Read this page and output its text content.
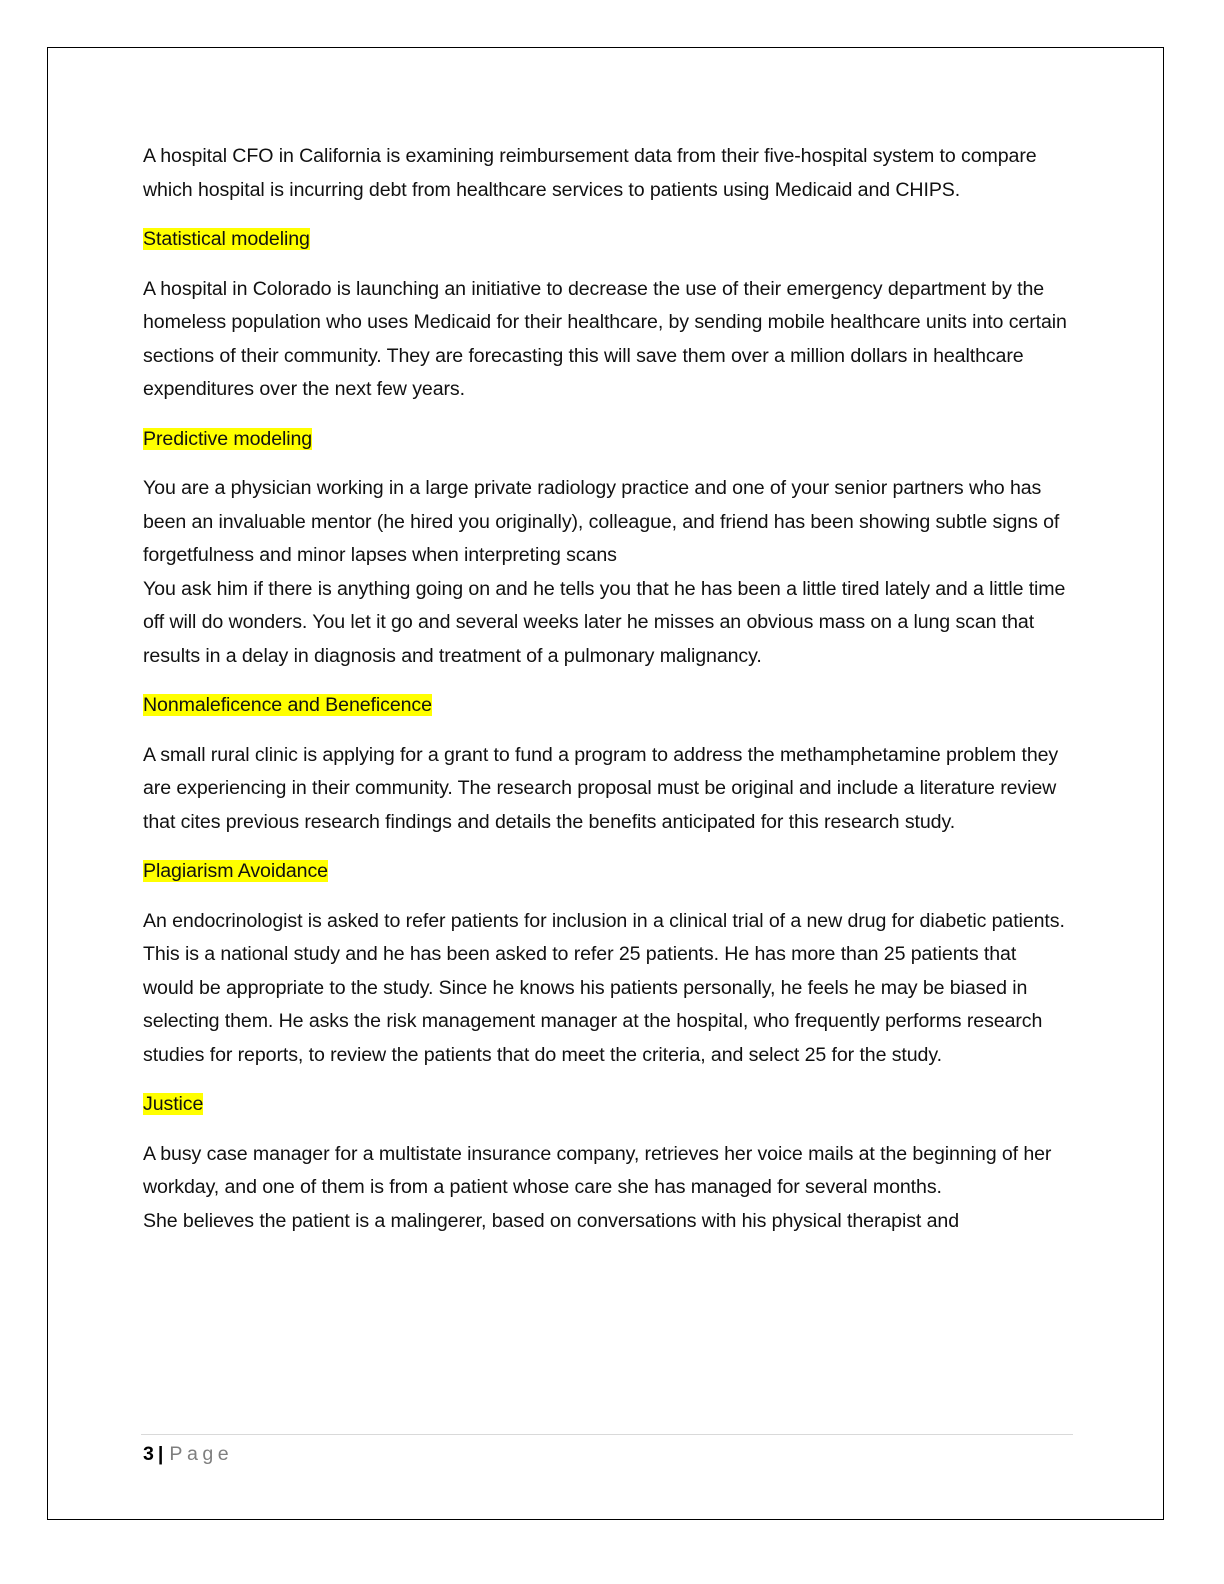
A hospital CFO in California is examining reimbursement data from their five-hospital system to compare which hospital is incurring debt from healthcare services to patients using Medicaid and CHIPS.

Statistical modeling

A hospital in Colorado is launching an initiative to decrease the use of their emergency department by the homeless population who uses Medicaid for their healthcare, by sending mobile healthcare units into certain sections of their community. They are forecasting this will save them over a million dollars in healthcare expenditures over the next few years.

Predictive modeling

You are a physician working in a large private radiology practice and one of your senior partners who has been an invaluable mentor (he hired you originally), colleague, and friend has been showing subtle signs of forgetfulness and minor lapses when interpreting scans

You ask him if there is anything going on and he tells you that he has been a little tired lately and a little time off will do wonders. You let it go and several weeks later he misses an obvious mass on a lung scan that results in a delay in diagnosis and treatment of a pulmonary malignancy.

Nonmaleficence and Beneficence

A small rural clinic is applying for a grant to fund a program to address the methamphetamine problem they are experiencing in their community. The research proposal must be original and include a literature review that cites previous research findings and details the benefits anticipated for this research study.

Plagiarism Avoidance

An endocrinologist is asked to refer patients for inclusion in a clinical trial of a new drug for diabetic patients. This is a national study and he has been asked to refer 25 patients. He has more than 25 patients that would be appropriate to the study. Since he knows his patients personally, he feels he may be biased in selecting them. He asks the risk management manager at the hospital, who frequently performs research studies for reports, to review the patients that do meet the criteria, and select 25 for the study.

Justice

A busy case manager for a multistate insurance company, retrieves her voice mails at the beginning of her workday, and one of them is from a patient whose care she has managed for several months.

She believes the patient is a malingerer, based on conversations with his physical therapist and

3 | Page
